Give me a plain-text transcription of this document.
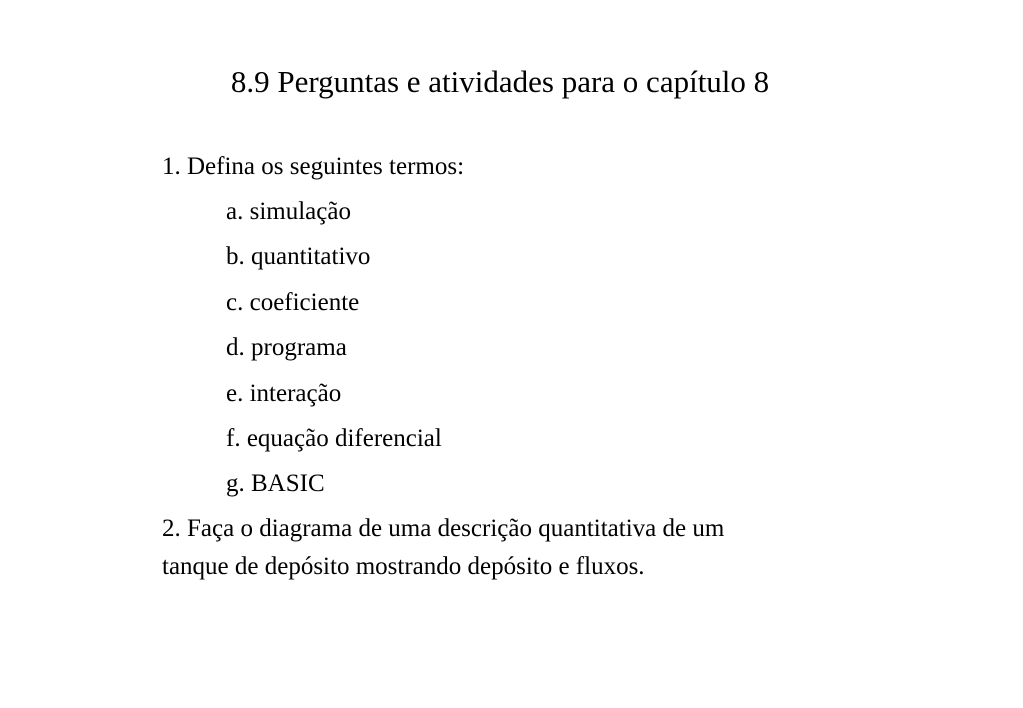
8.9 Perguntas e atividades para o capítulo 8
1. Defina os seguintes termos:
a. simulação
b. quantitativo
c. coeficiente
d. programa
e. interação
f. equação diferencial
g. BASIC
2. Faça o diagrama de uma descrição quantitativa de um
tanque de depósito mostrando depósito e fluxos.
